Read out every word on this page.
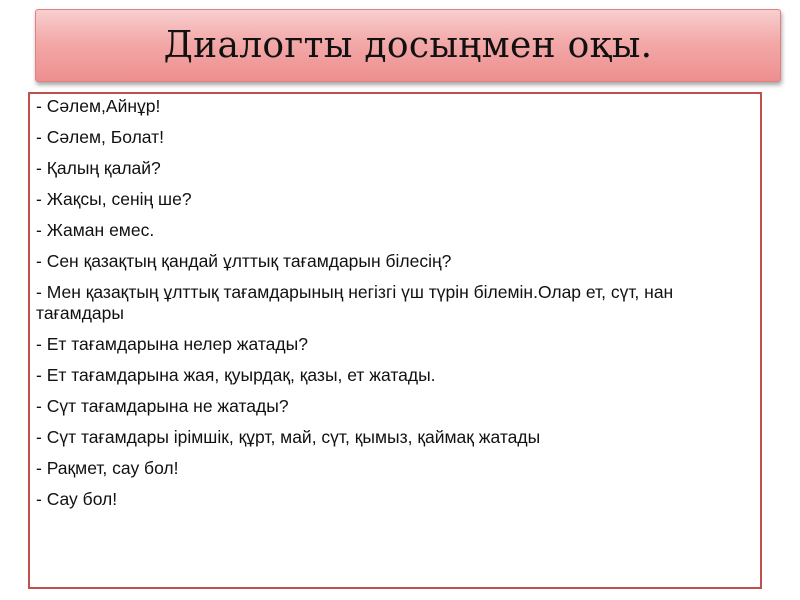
Диалогты досыңмен оқы.
- Сәлем,Айнұр!
- Сәлем, Болат!
- Қалың қалай?
- Жақсы, сенің ше?
- Жаман емес.
- Сен қазақтың қандай ұлттық тағамдарын білесің?
- Мен қазақтың ұлттық тағамдарының негізгі үш түрін білемін.Олар ет, сүт, нан тағамдары
- Ет тағамдарына нелер жатады?
- Ет тағамдарына жая, қуырдақ, қазы, ет жатады.
- Сүт тағамдарына не жатады?
- Сүт тағамдары ірімшік, құрт, май, сүт, қымыз, қаймақ жатады
- Рақмет, сау бол!
- Сау бол!
